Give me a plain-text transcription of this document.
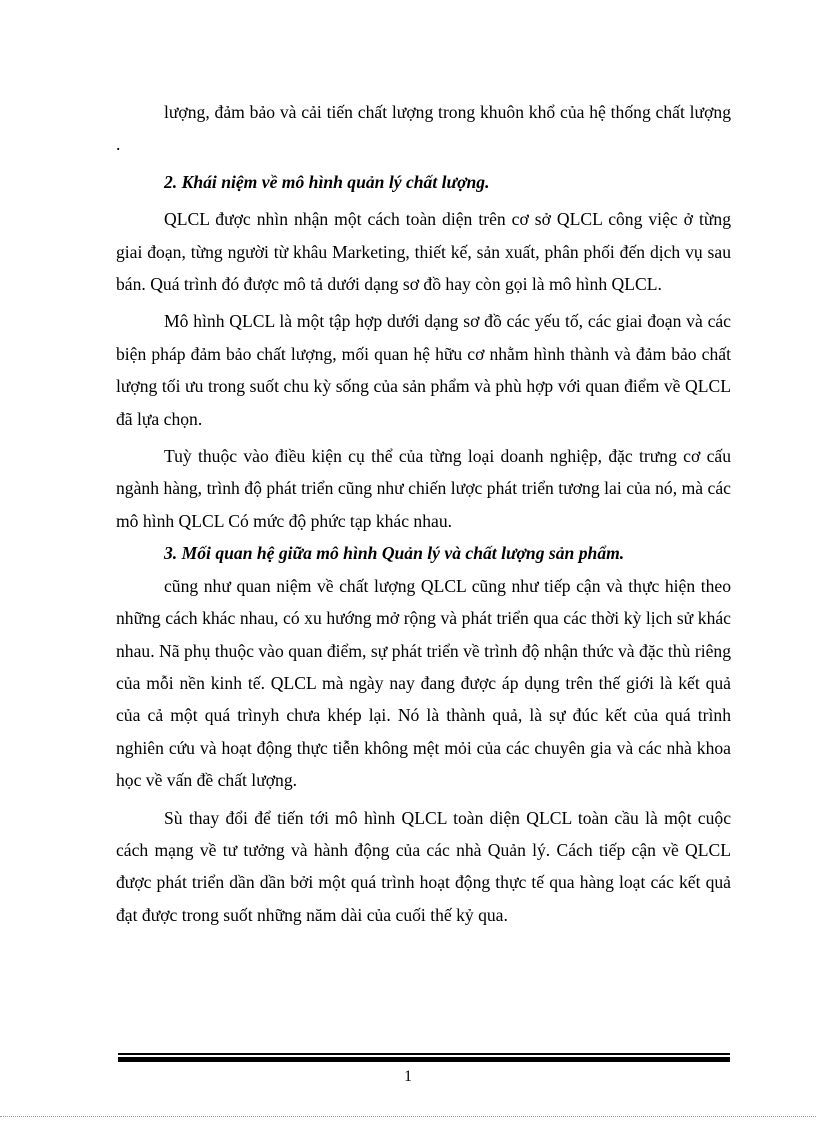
lượng, đảm bảo và cải tiến chất lượng trong khuôn khổ của hệ thống chất lượng .

2. Khái niệm về mô hình quản lý chất lượng.

QLCL được nhìn nhận một cách toàn diện trên cơ sở QLCL công việc ở từng giai đoạn, từng người từ khâu Marketing, thiết kế, sản xuất, phân phối đến dịch vụ sau bán. Quá trình đó được mô tả dưới dạng sơ đồ hay còn gọi là mô hình QLCL.

Mô hình QLCL là một tập hợp dưới dạng sơ đồ các yếu tố, các giai đoạn và các biện pháp đảm bảo chất lượng, mối quan hệ hữu cơ nhằm hình thành và đảm bảo chất lượng tối ưu trong suốt chu kỳ sống của sản phẩm và phù hợp với quan điểm về QLCL đã lựa chọn.

Tuỳ thuộc vào điều kiện cụ thể của từng loại doanh nghiệp, đặc trưng cơ cấu ngành hàng, trình độ phát triển cũng như chiến lược phát triển tương lai của nó, mà các mô hình QLCL Có mức độ phức tạp khác nhau.

3. Mối quan hệ giữa mô hình Quản lý và chất lượng sản phẩm.

cũng như quan niệm về chất lượng QLCL cũng như tiếp cận và thực hiện theo những cách khác nhau, có xu hướng mở rộng và phát triển qua các thời kỳ lịch sử khác nhau. Nã phụ thuộc vào quan điểm, sự phát triển về trình độ nhận thức và đặc thù riêng của mỗi nền kinh tế. QLCL mà ngày nay đang được áp dụng trên thế giới là kết quả của cả một quá trìnyh chưa khép lại. Nó là thành quả, là sự đúc kết của quá trình nghiên cứu và hoạt động thực tiễn không mệt mỏi của các chuyên gia và các nhà khoa học về vấn đề chất lượng.

Sù thay đổi để tiến tới mô hình QLCL toàn diện QLCL toàn cầu là một cuộc cách mạng về tư tưởng và hành động của các nhà Quản lý. Cách tiếp cận về QLCL được phát triển dần dần bởi một quá trình hoạt động thực tế qua hàng loạt các kết quả đạt được trong suốt những năm dài của cuối thế kỷ qua.

1
